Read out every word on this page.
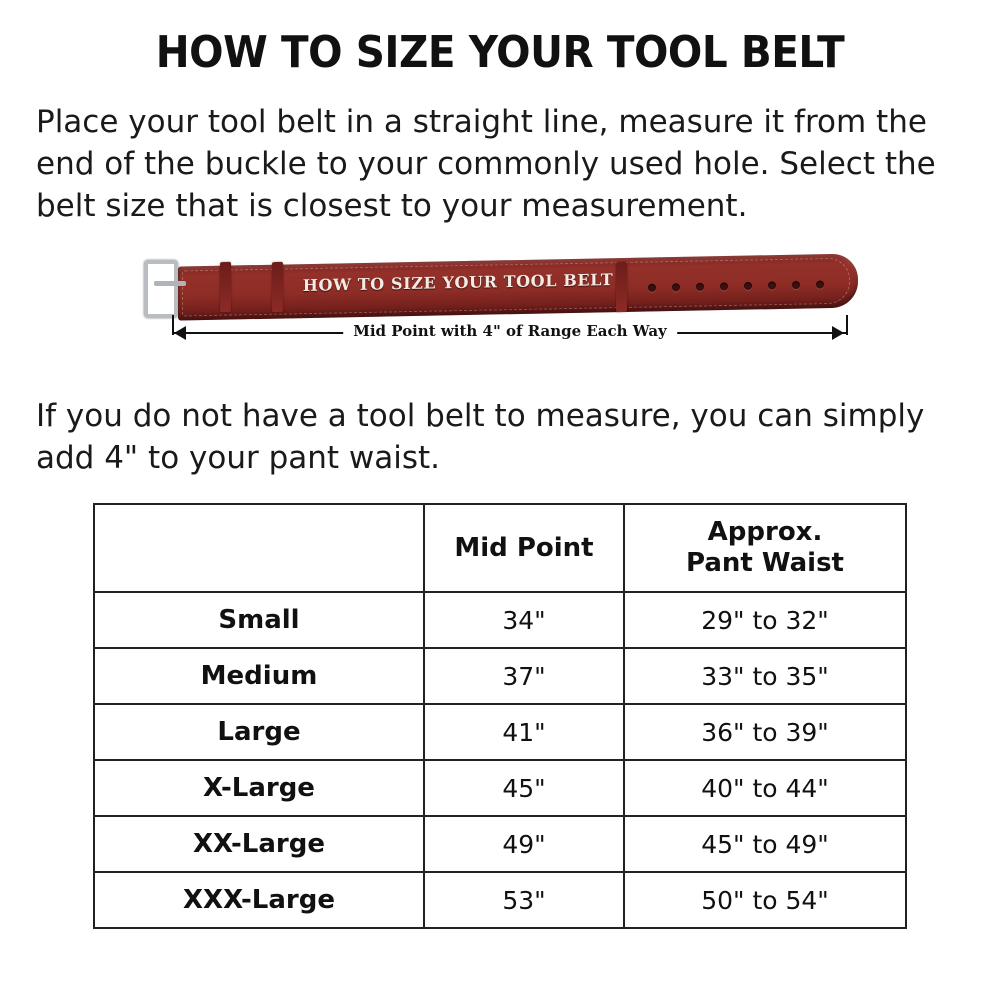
HOW TO SIZE YOUR TOOL BELT

Place your tool belt in a straight line, measure it from the end of the buckle to your commonly used hole. Select the belt size that is closest to your measurement.

HOW TO SIZE YOUR TOOL BELT
Mid Point with 4" of Range Each Way

If you do not have a tool belt to measure, you can simply add 4" to your pant waist.

	Mid Point	Approx.
Pant Waist

Small	34"	29" to 32"
Medium	37"	33" to 35"
Large	41"	36" to 39"
X-Large	45"	40" to 44"
XX-Large	49"	45" to 49"
XXX-Large	53"	50" to 54"
